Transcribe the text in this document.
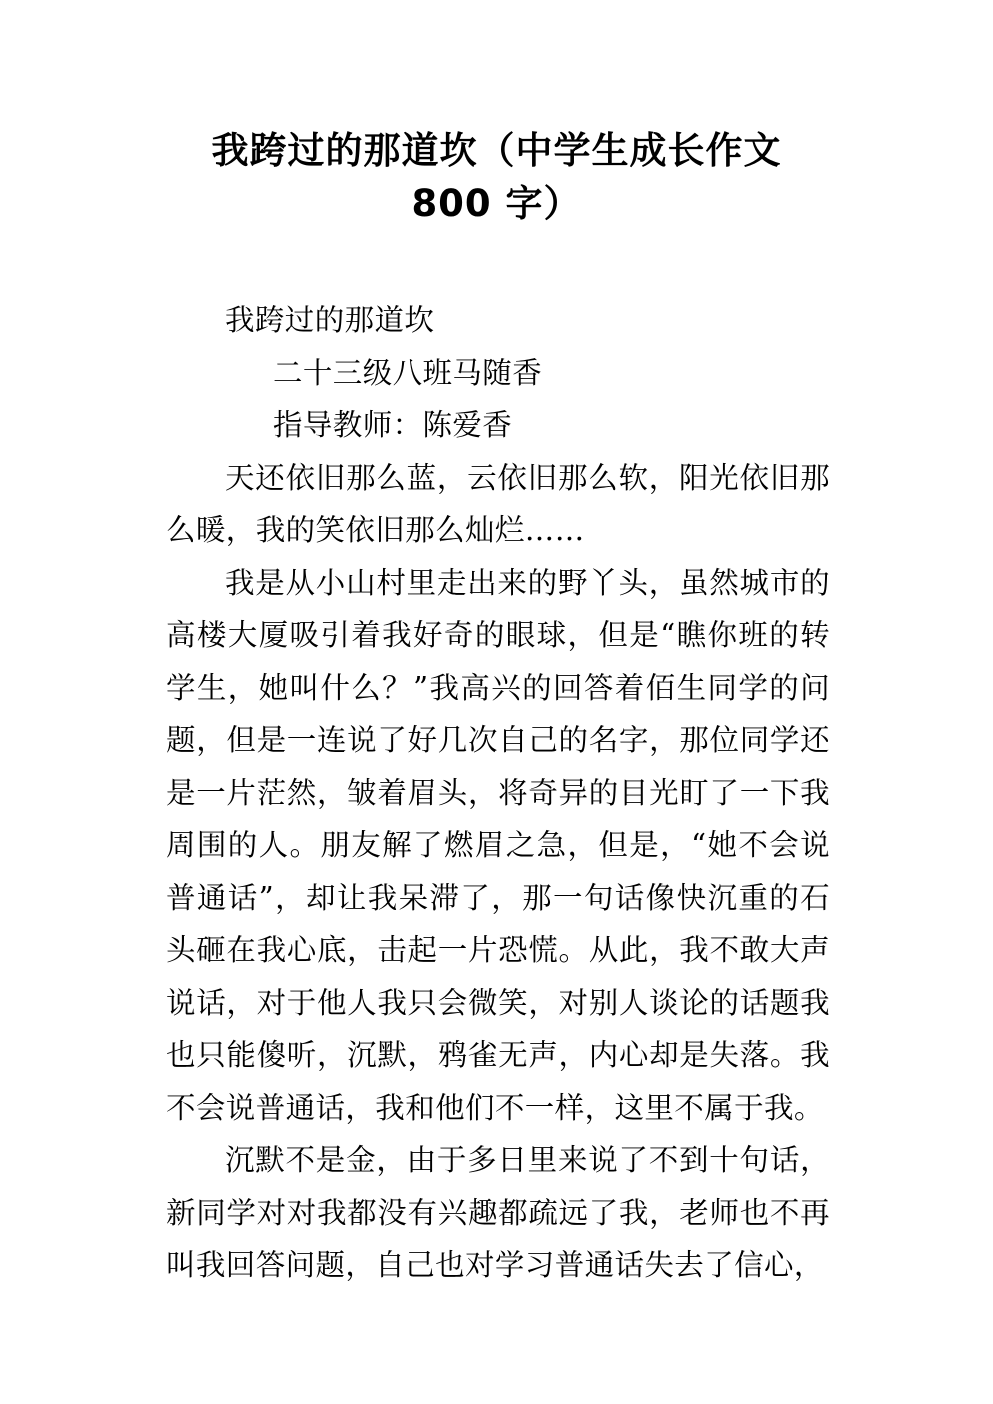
我跨过的那道坎（中学生成长作文
800 字）

我跨过的那道坎

二十三级八班马随香

指导教师：陈爱香

天还依旧那么蓝，云依旧那么软，阳光依旧那么暖，我的笑依旧那么灿烂……

我是从小山村里走出来的野丫头，虽然城市的高楼大厦吸引着我好奇的眼球，但是“瞧你班的转学生，她叫什么？”我高兴的回答着佰生同学的问题，但是一连说了好几次自己的名字，那位同学还是一片茫然，皱着眉头，将奇异的目光盯了一下我周围的人。朋友解了燃眉之急，但是，“她不会说普通话”，却让我呆滞了，那一句话像快沉重的石头砸在我心底，击起一片恐慌。从此，我不敢大声说话，对于他人我只会微笑，对别人谈论的话题我也只能傻听，沉默，鸦雀无声，内心却是失落。我不会说普通话，我和他们不一样，这里不属于我。

沉默不是金，由于多日里来说了不到十句话，新同学对对我都没有兴趣都疏远了我，老师也不再叫我回答问题，自己也对学习普通话失去了信心，
